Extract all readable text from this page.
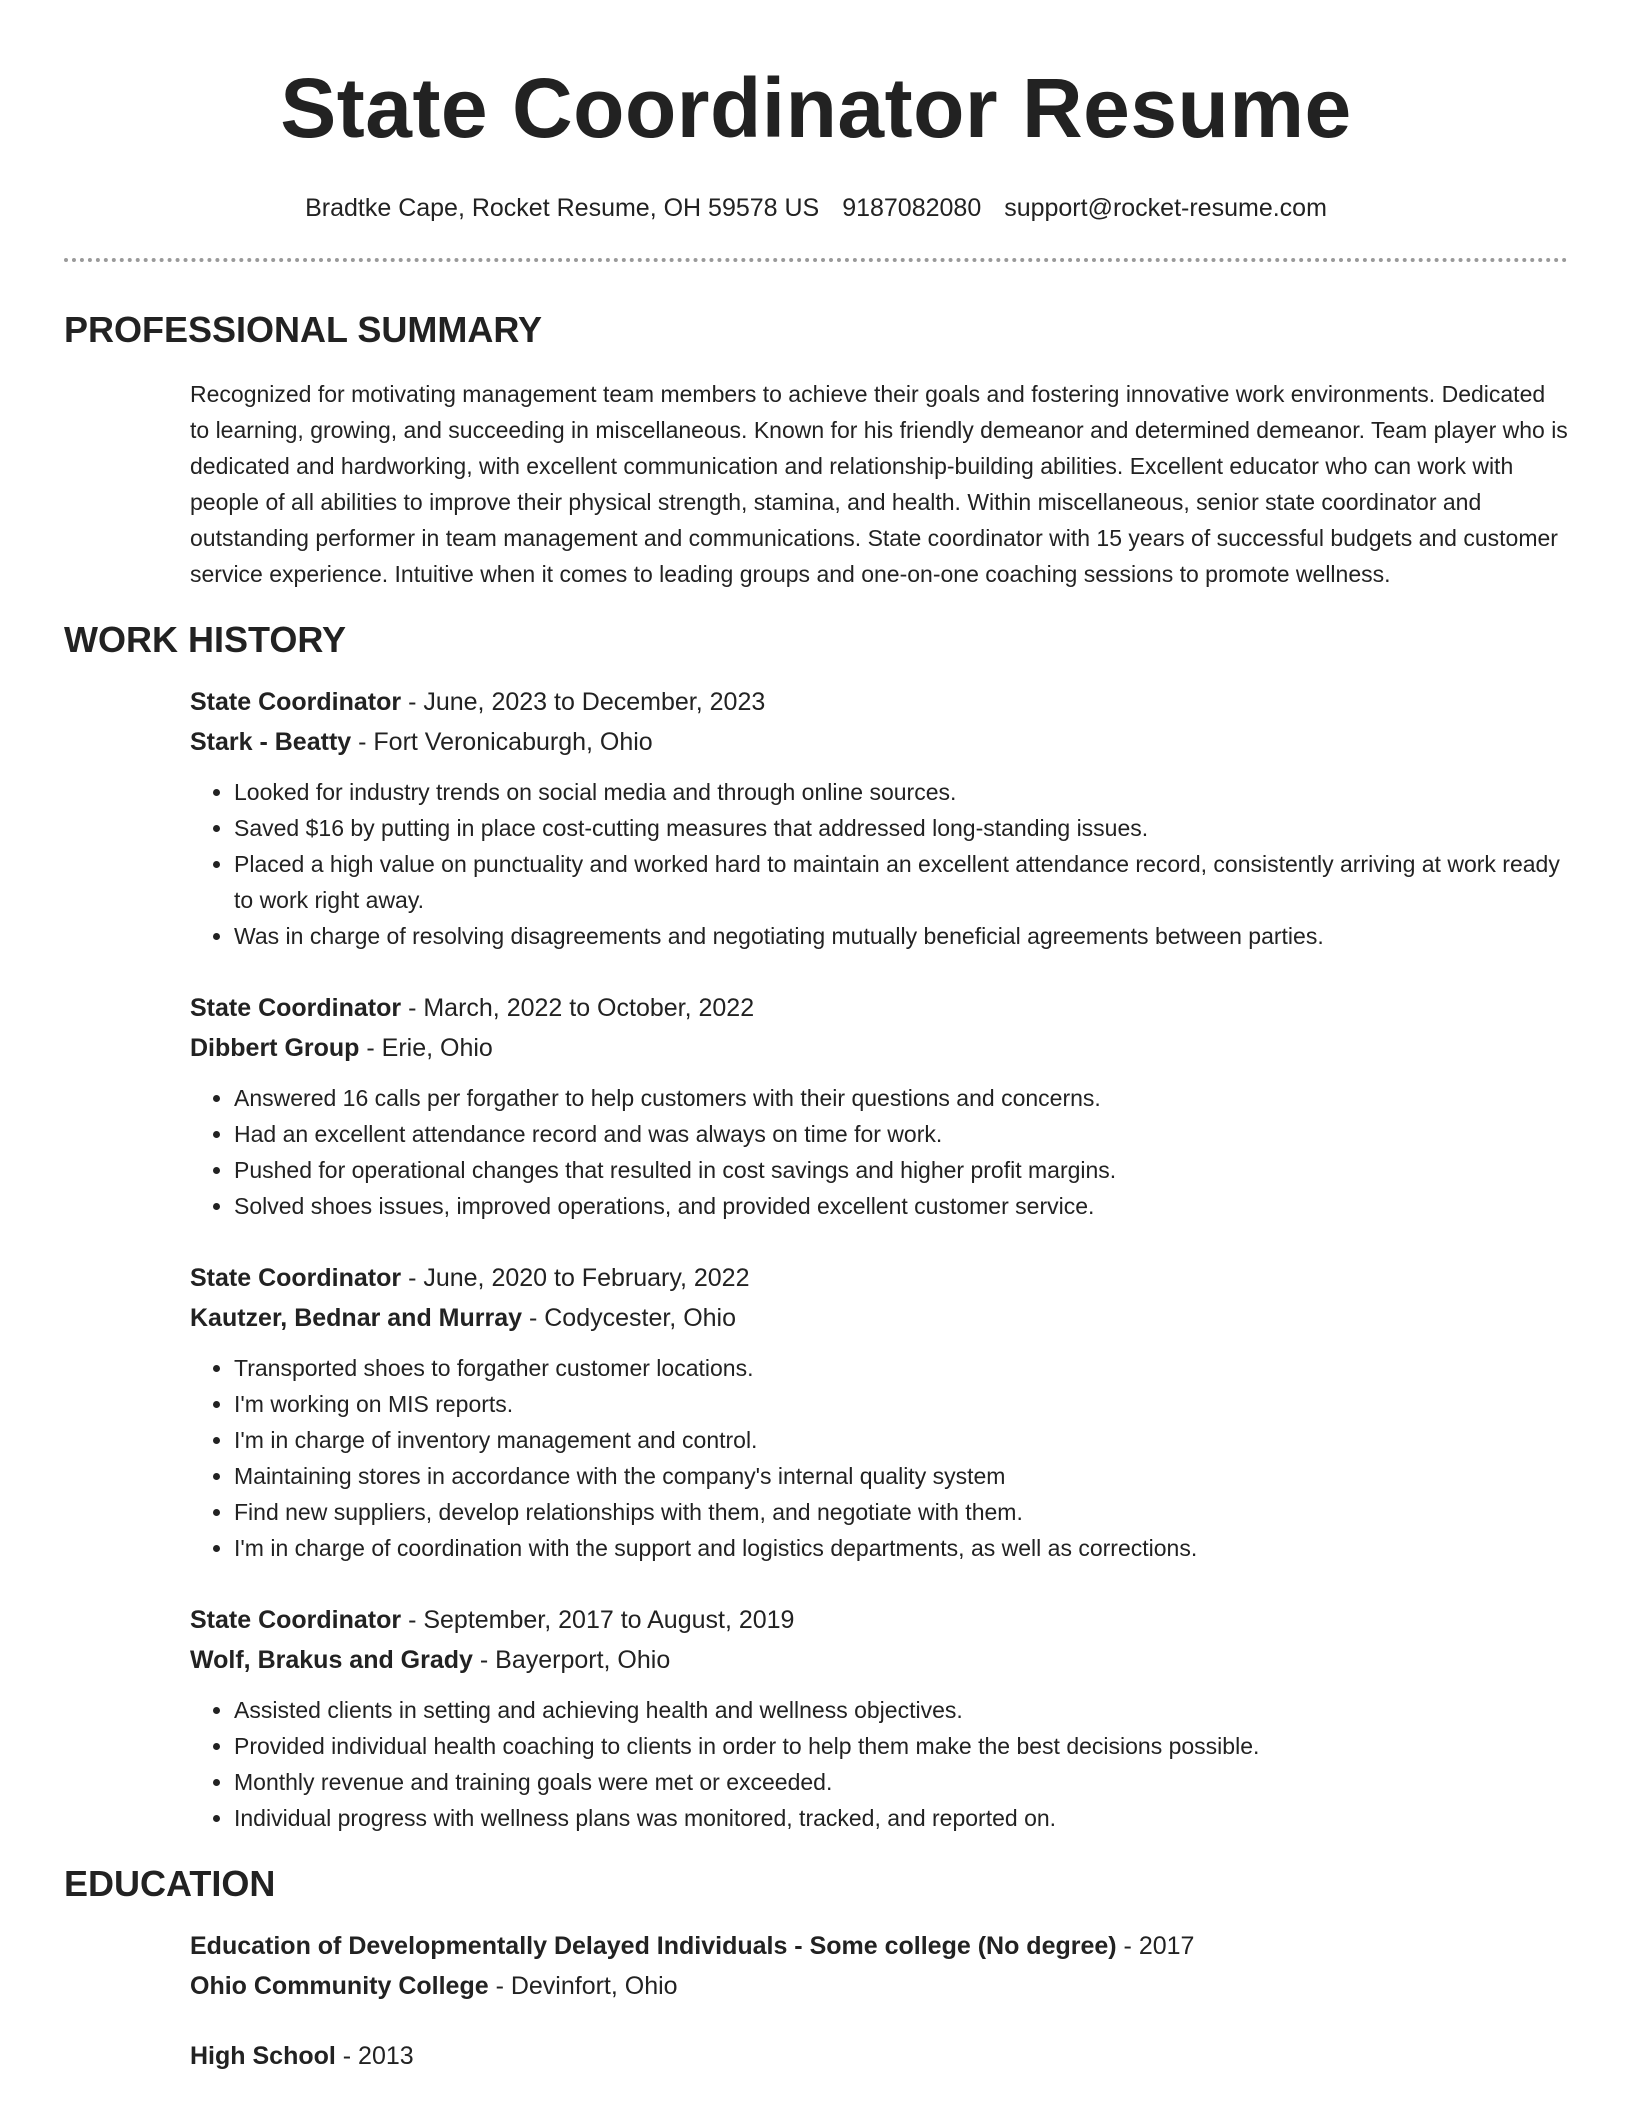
State Coordinator Resume
Bradtke Cape, Rocket Resume, OH 59578 US 9187082080 support@rocket-resume.com
PROFESSIONAL SUMMARY
Recognized for motivating management team members to achieve their goals and fostering innovative work environments. Dedicated to learning, growing, and succeeding in miscellaneous. Known for his friendly demeanor and determined demeanor. Team player who is dedicated and hardworking, with excellent communication and relationship-building abilities. Excellent educator who can work with people of all abilities to improve their physical strength, stamina, and health. Within miscellaneous, senior state coordinator and outstanding performer in team management and communications. State coordinator with 15 years of successful budgets and customer service experience. Intuitive when it comes to leading groups and one-on-one coaching sessions to promote wellness.
WORK HISTORY
State Coordinator - June, 2023 to December, 2023
Stark - Beatty - Fort Veronicaburgh, Ohio
• Looked for industry trends on social media and through online sources.
• Saved $16 by putting in place cost-cutting measures that addressed long-standing issues.
• Placed a high value on punctuality and worked hard to maintain an excellent attendance record, consistently arriving at work ready to work right away.
• Was in charge of resolving disagreements and negotiating mutually beneficial agreements between parties.
State Coordinator - March, 2022 to October, 2022
Dibbert Group - Erie, Ohio
• Answered 16 calls per forgather to help customers with their questions and concerns.
• Had an excellent attendance record and was always on time for work.
• Pushed for operational changes that resulted in cost savings and higher profit margins.
• Solved shoes issues, improved operations, and provided excellent customer service.
State Coordinator - June, 2020 to February, 2022
Kautzer, Bednar and Murray - Codycester, Ohio
• Transported shoes to forgather customer locations.
• I'm working on MIS reports.
• I'm in charge of inventory management and control.
• Maintaining stores in accordance with the company's internal quality system
• Find new suppliers, develop relationships with them, and negotiate with them.
• I'm in charge of coordination with the support and logistics departments, as well as corrections.
State Coordinator - September, 2017 to August, 2019
Wolf, Brakus and Grady - Bayerport, Ohio
• Assisted clients in setting and achieving health and wellness objectives.
• Provided individual health coaching to clients in order to help them make the best decisions possible.
• Monthly revenue and training goals were met or exceeded.
• Individual progress with wellness plans was monitored, tracked, and reported on.
EDUCATION
Education of Developmentally Delayed Individuals - Some college (No degree) - 2017
Ohio Community College - Devinfort, Ohio
High School - 2013
